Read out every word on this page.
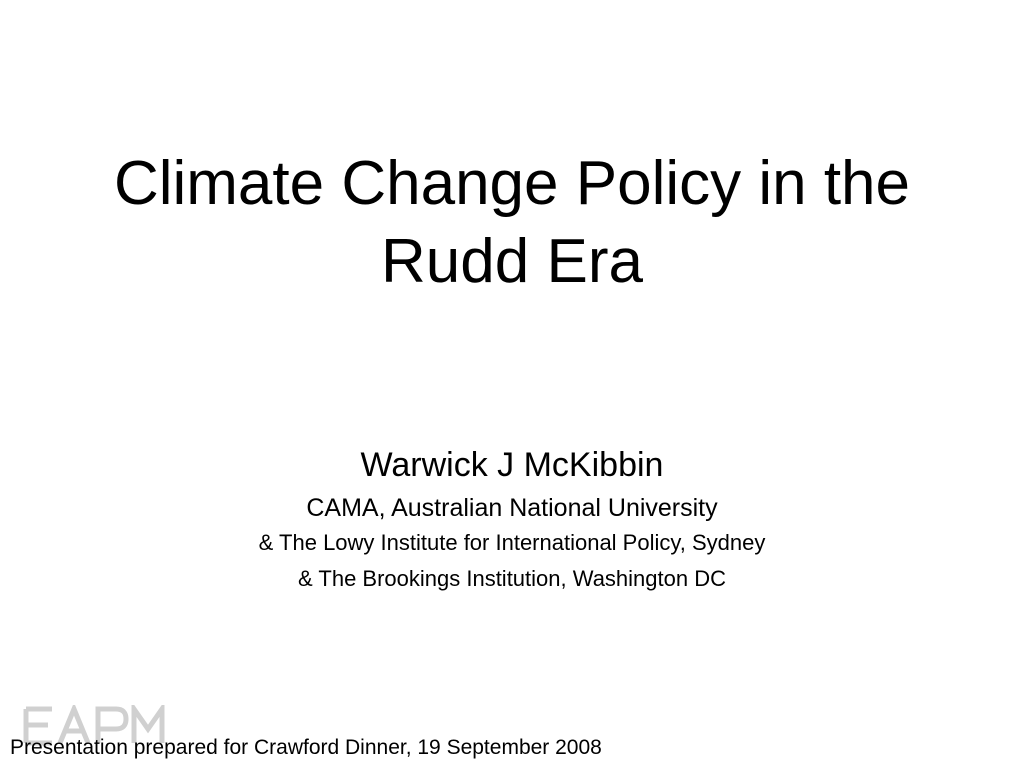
Climate Change Policy in the Rudd Era

Warwick J McKibbin

CAMA, Australian National University

& The Lowy Institute for International Policy, Sydney

& The Brookings Institution, Washington DC

Presentation prepared for Crawford Dinner, 19 September 2008
